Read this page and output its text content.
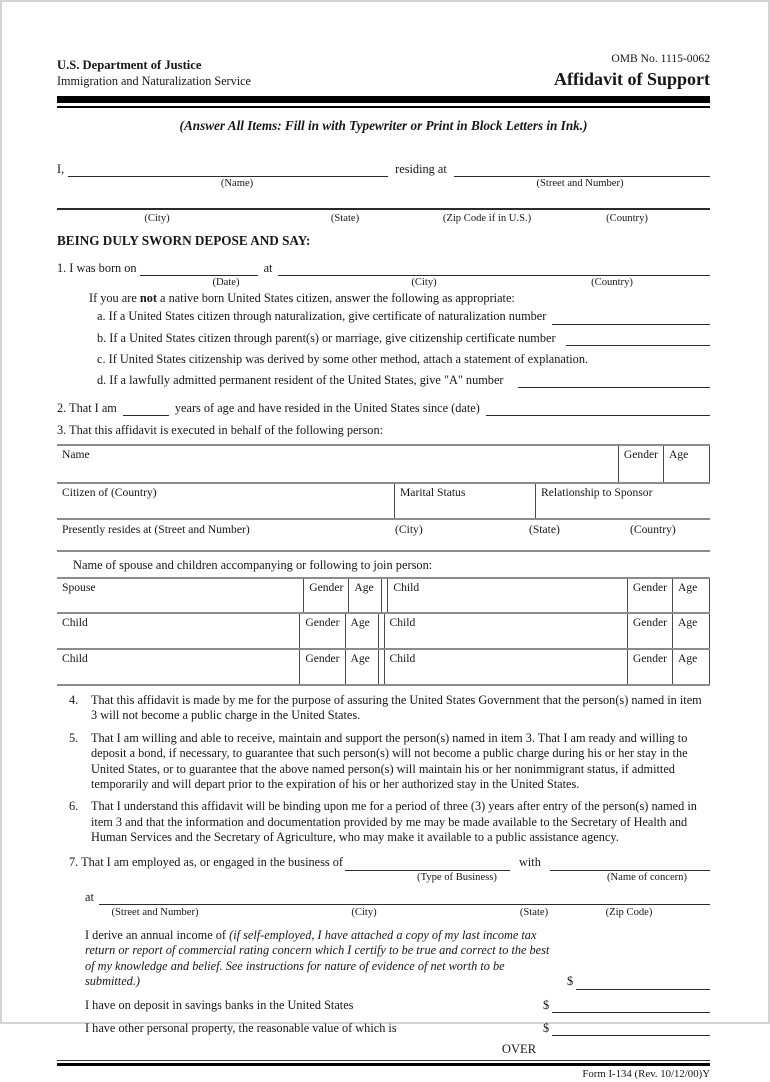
U.S. Department of Justice
Immigration and Naturalization Service
OMB No. 1115-0062
Affidavit of Support
(Answer All Items: Fill in with Typewriter or Print in Block Letters in Ink.)
I,	residing at
(Name)	(Street and Number)
(City)	(State)	(Zip Code if in U.S.)	(Country)
BEING DULY SWORN DEPOSE AND SAY:
1. I was born on	at
(Date)	(City)	(Country)
If you are not a native born United States citizen, answer the following as appropriate:
a. If a United States citizen through naturalization, give certificate of naturalization number
b. If a United States citizen through parent(s) or marriage, give citizenship certificate number
c. If United States citizenship was derived by some other method, attach a statement of explanation.
d. If a lawfully admitted permanent resident of the United States, give "A" number
2. That I am	years of age and have resided in the United States since (date)
3. That this affidavit is executed in behalf of the following person:
Name	Gender Age
Citizen of (Country)	Marital Status	Relationship to Sponsor
Presently resides at (Street and Number)	(City)	(State)	(Country)
Name of spouse and children accompanying or following to join person:
Spouse	Gender Age	Child	Gender Age
Child	Gender Age	Child	Gender Age
Child	Gender Age	Child	Gender Age
4.	That this affidavit is made by me for the purpose of assuring the United States Government that the person(s) named in item 3 will not become a public charge in the United States.
5.	That I am willing and able to receive, maintain and support the person(s) named in item 3. That I am ready and willing to deposit a bond, if necessary, to guarantee that such person(s) will not become a public charge during his or her stay in the United States, or to guarantee that the above named person(s) will maintain his or her nonimmigrant status, if admitted temporarily and will depart prior to the expiration of his or her authorized stay in the United States.
6.	That I understand this affidavit will be binding upon me for a period of three (3) years after entry of the person(s) named in item 3 and that the information and documentation provided by me may be made available to the Secretary of Health and Human Services and the Secretary of Agriculture, who may make it available to a public assistance agency.
7. That I am employed as, or engaged in the business of	with
(Type of Business)	(Name of concern)
at
(Street and Number)	(City)	(State)	(Zip Code)
I derive an annual income of (if self-employed, I have attached a copy of my last income tax return or report of commercial rating concern which I certify to be true and correct to the best of my knowledge and belief. See instructions for nature of evidence of net worth to be submitted.)	$
I have on deposit in savings banks in the United States	$
I have other personal property, the reasonable value of which is	$
OVER
Form I-134 (Rev. 10/12/00)Y
